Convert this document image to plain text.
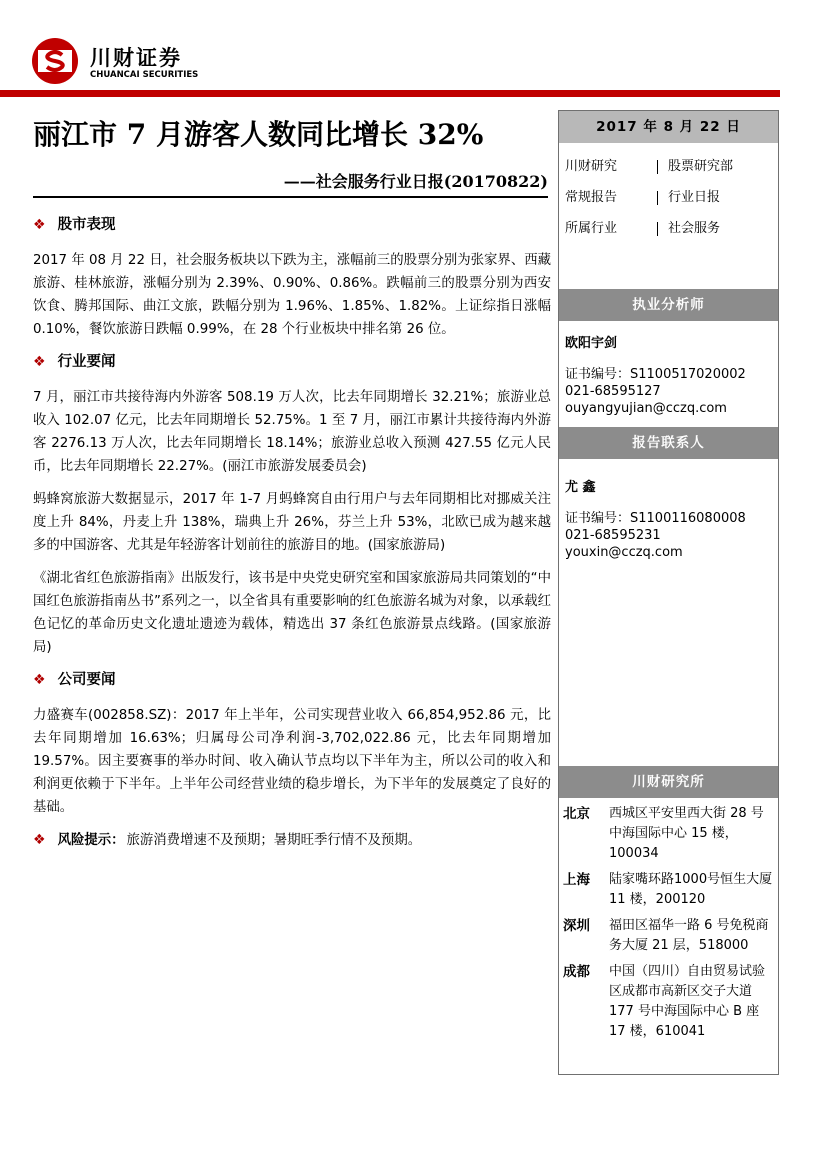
川财证券
CHUANCAI SECURITIES
丽江市 7 月游客人数同比增长 32%
——社会服务行业日报(20170822)
❖ 股市表现

2017 年 08 月 22 日，社会服务板块以下跌为主，涨幅前三的股票分别为张家界、西藏旅游、桂林旅游，涨幅分别为 2.39%、0.90%、0.86%。跌幅前三的股票分别为西安饮食、腾邦国际、曲江文旅，跌幅分别为 1.96%、1.85%、1.82%。上证综指日涨幅 0.10%，餐饮旅游日跌幅 0.99%，在 28 个行业板块中排名第 26 位。

❖ 行业要闻

7 月，丽江市共接待海内外游客 508.19 万人次，比去年同期增长 32.21%；旅游业总收入 102.07 亿元，比去年同期增长 52.75%。1 至 7 月，丽江市累计共接待海内外游客 2276.13 万人次，比去年同期增长 18.14%；旅游业总收入预测 427.55 亿元人民币，比去年同期增长 22.27%。(丽江市旅游发展委员会)

蚂蜂窝旅游大数据显示，2017 年 1-7 月蚂蜂窝自由行用户与去年同期相比对挪威关注度上升 84%，丹麦上升 138%，瑞典上升 26%，芬兰上升 53%，北欧已成为越来越多的中国游客、尤其是年轻游客计划前往的旅游目的地。(国家旅游局)

《湖北省红色旅游指南》出版发行，该书是中央党史研究室和国家旅游局共同策划的“中国红色旅游指南丛书”系列之一，以全省具有重要影响的红色旅游名城为对象，以承载红色记忆的革命历史文化遗址遗迹为载体，精选出 37 条红色旅游景点线路。(国家旅游局)

❖ 公司要闻

力盛赛车(002858.SZ)：2017 年上半年，公司实现营业收入 66,854,952.86 元，比去年同期增加 16.63%；归属母公司净利润-3,702,022.86 元，比去年同期增加 19.57%。因主要赛事的举办时间、收入确认节点均以下半年为主，所以公司的收入和利润更依赖于下半年。上半年公司经营业绩的稳步增长，为下半年的发展奠定了良好的基础。

❖ 风险提示： 旅游消费增速不及预期；暑期旺季行情不及预期。
2017 年 8 月 22 日
川财研究	股票研究部
常规报告	行业日报
所属行业	社会服务
执业分析师
欧阳宇剑
证书编号：S1100517020002
021-68595127
ouyangyujian@cczq.com
报告联系人
尤 鑫
证书编号：S1100116080008
021-68595231
youxin@cczq.com
川财研究所
北京	西城区平安里西大街 28 号中海国际中心 15 楼，100034
上海	陆家嘴环路1000号恒生大厦 11 楼，200120
深圳	福田区福华一路 6 号免税商务大厦 21 层，518000
成都	中国（四川）自由贸易试验区成都市高新区交子大道 177 号中海国际中心 B 座 17 楼，610041
